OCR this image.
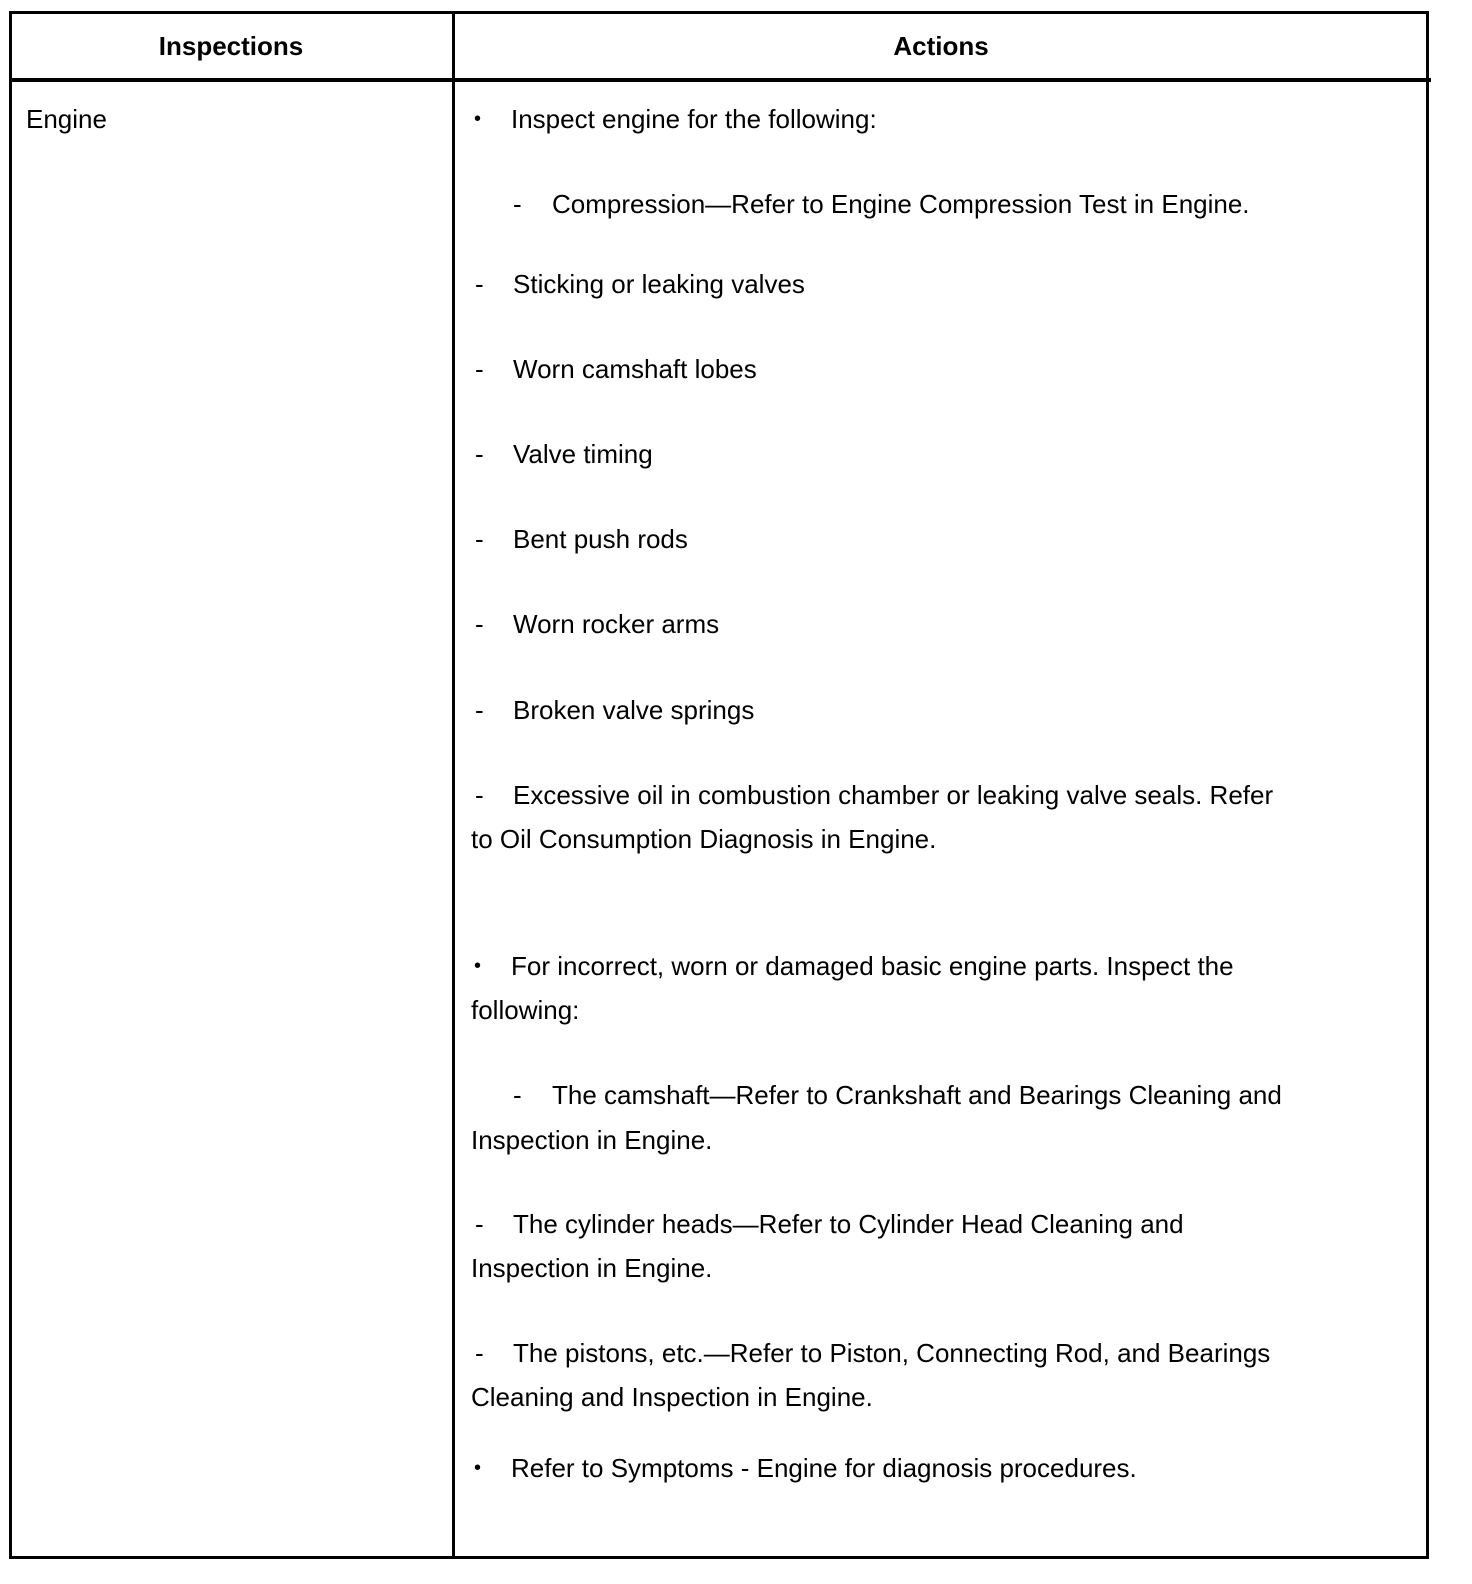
Inspections	Actions
Engine	• Inspect engine for the following:
- Compression—Refer to Engine Compression Test in Engine.
- Sticking or leaking valves
- Worn camshaft lobes
- Valve timing
- Bent push rods
- Worn rocker arms
- Broken valve springs
- Excessive oil in combustion chamber or leaking valve seals. Refer
to Oil Consumption Diagnosis in Engine.
• For incorrect, worn or damaged basic engine parts. Inspect the
following:
- The camshaft—Refer to Crankshaft and Bearings Cleaning and
Inspection in Engine.
- The cylinder heads—Refer to Cylinder Head Cleaning and
Inspection in Engine.
- The pistons, etc.—Refer to Piston, Connecting Rod, and Bearings
Cleaning and Inspection in Engine.
• Refer to Symptoms - Engine for diagnosis procedures.
